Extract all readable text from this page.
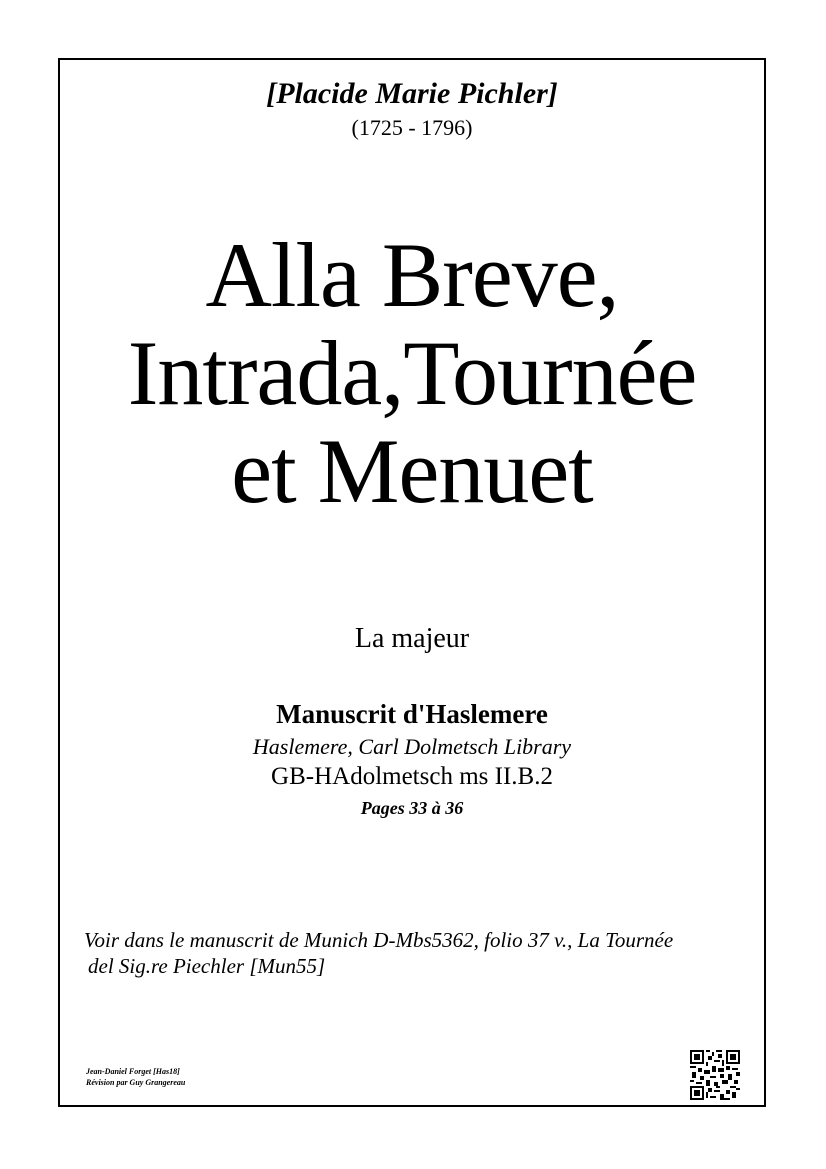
[Placide Marie Pichler]
(1725 - 1796)
Alla Breve,
Intrada,Tournée
et Menuet
La majeur
Manuscrit d'Haslemere
Haslemere, Carl Dolmetsch Library
GB-HAdolmetsch ms II.B.2
Pages 33 à 36
Voir dans le manuscrit de Munich D-Mbs5362, folio 37 v., La Tournée
del Sig.re Piechler [Mun55]
Jean-Daniel Forget [Has18]
Révision par Guy Grangereau
